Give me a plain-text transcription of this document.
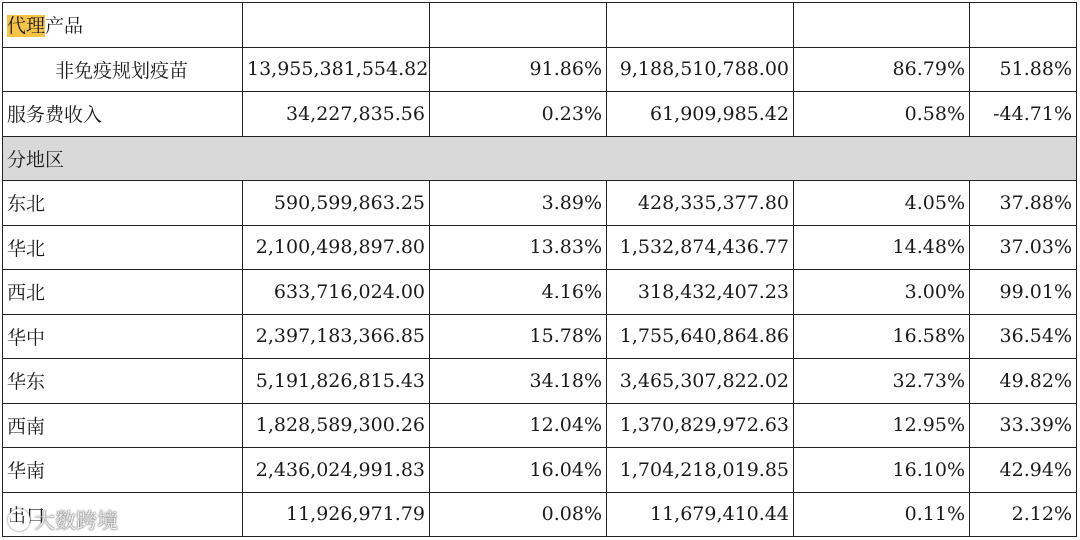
代理产品					
非免疫规划疫苗	13,955,381,554.82	91.86%	9,188,510,788.00	86.79%	51.88%
服务费收入	34,227,835.56	0.23%	61,909,985.42	0.58%	-44.71%
分地区					
东北	590,599,863.25	3.89%	428,335,377.80	4.05%	37.88%
华北	2,100,498,897.80	13.83%	1,532,874,436.77	14.48%	37.03%
西北	633,716,024.00	4.16%	318,432,407.23	3.00%	99.01%
华中	2,397,183,366.85	15.78%	1,755,640,864.86	16.58%	36.54%
华东	5,191,826,815.43	34.18%	3,465,307,822.02	32.73%	49.82%
西南	1,828,589,300.26	12.04%	1,370,829,972.63	12.95%	33.39%
华南	2,436,024,991.83	16.04%	1,704,218,019.85	16.10%	42.94%
出口	11,926,971.79	0.08%	11,679,410.44	0.11%	2.12%
大数跨境
